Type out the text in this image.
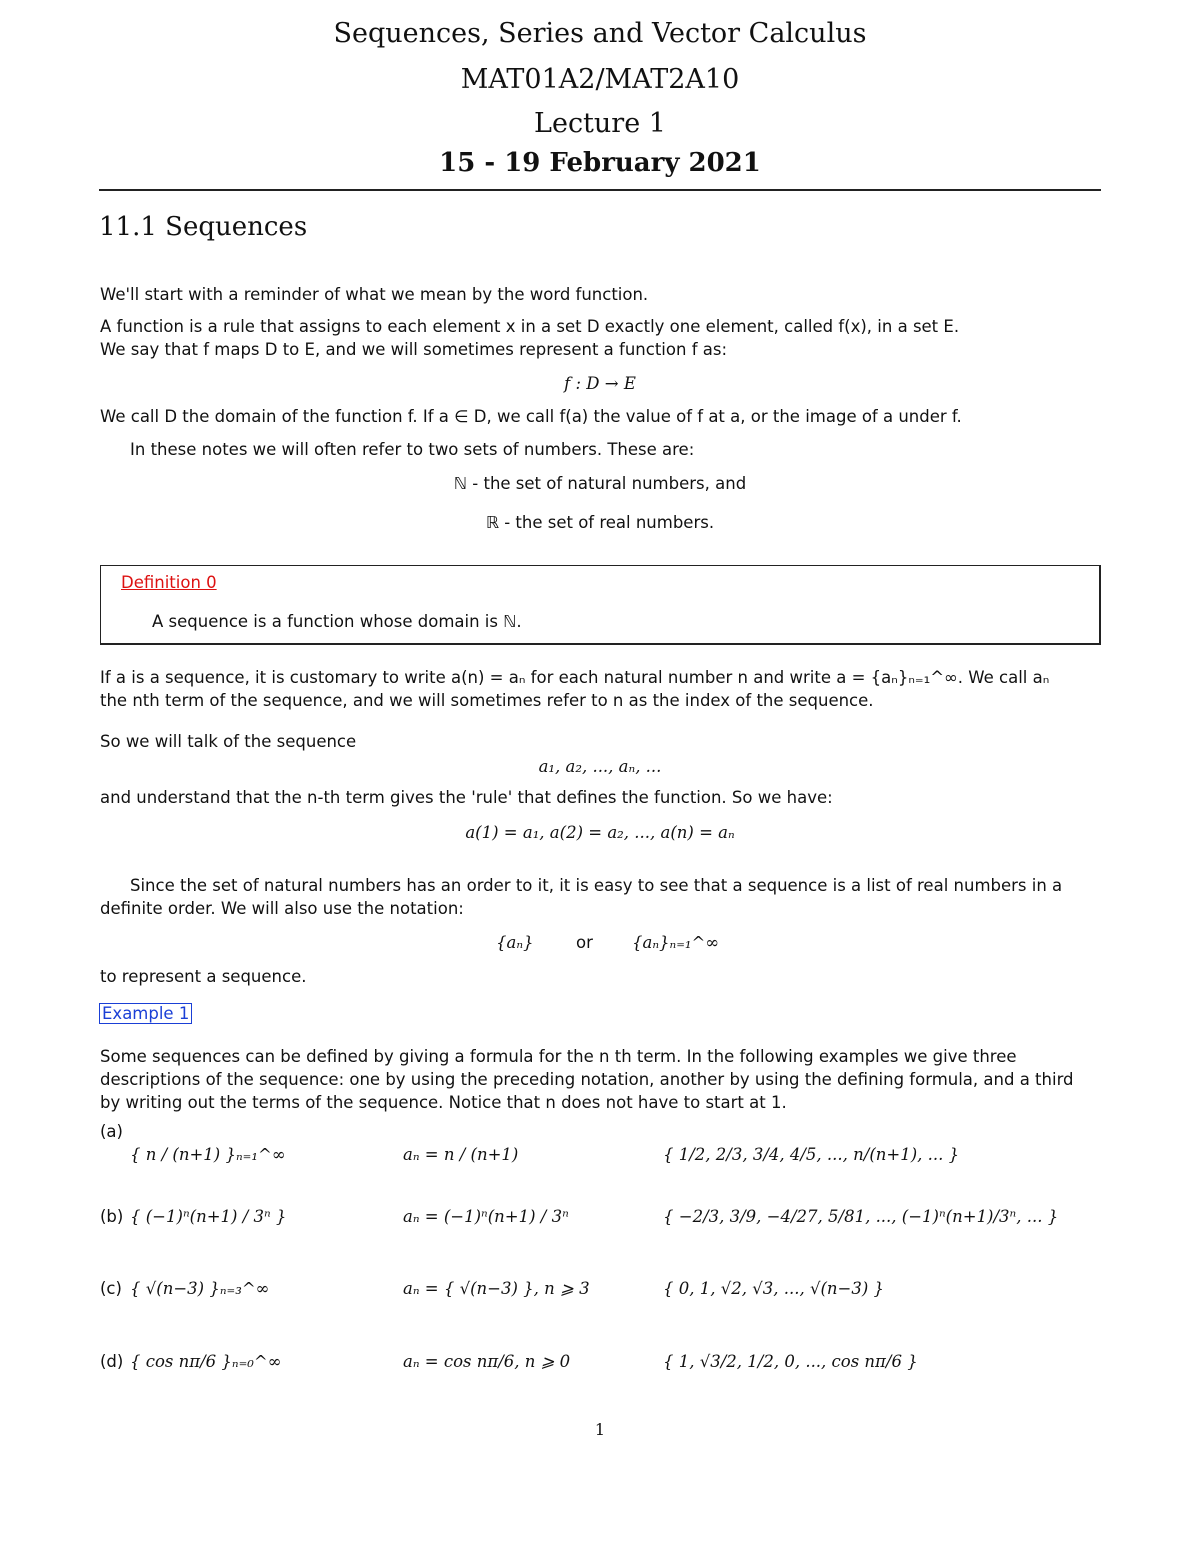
Sequences, Series and Vector Calculus
MAT01A2/MAT2A10
Lecture 1
15 - 19 February 2021
11.1 Sequences
We'll start with a reminder of what we mean by the word function.
A function is a rule that assigns to each element x in a set D exactly one element, called f(x), in a set E.
We say that f maps D to E, and we will sometimes represent a function f as:
f : D → E
We call D the domain of the function f. If a ∈ D, we call f(a) the value of f at a, or the image of a under f.
In these notes we will often refer to two sets of numbers. These are:
ℕ - the set of natural numbers, and
ℝ - the set of real numbers.
Definition 0
A sequence is a function whose domain is ℕ.
If a is a sequence, it is customary to write a(n) = aₙ for each natural number n and write a = {aₙ}ₙ₌₁^∞. We call aₙ
the nth term of the sequence, and we will sometimes refer to n as the index of the sequence.
So we will talk of the sequence
a₁, a₂, ..., aₙ, ...
and understand that the n-th term gives the 'rule' that defines the function. So we have:
a(1) = a₁, a(2) = a₂, ..., a(n) = aₙ
Since the set of natural numbers has an order to it, it is easy to see that a sequence is a list of real numbers in a
definite order. We will also use the notation:
{aₙ}	or	{aₙ}ₙ₌₁^∞
to represent a sequence.
Example 1
Some sequences can be defined by giving a formula for the n th term. In the following examples we give three
descriptions of the sequence: one by using the preceding notation, another by using the defining formula, and a third
by writing out the terms of the sequence. Notice that n does not have to start at 1.
(a)
{ n / (n+1) }ₙ₌₁^∞	aₙ = n / (n+1)	{ 1/2, 2/3, 3/4, 4/5, ..., n/(n+1), ... }
(b) { (−1)ⁿ(n+1) / 3ⁿ }	aₙ = (−1)ⁿ(n+1) / 3ⁿ	{ −2/3, 3/9, −4/27, 5/81, ..., (−1)ⁿ(n+1)/3ⁿ, ... }
(c) { √(n−3) }ₙ₌₃^∞	aₙ = { √(n−3) }, n ⩾ 3	{ 0, 1, √2, √3, ..., √(n−3) }
(d) { cos nπ/6 }ₙ₌₀^∞	aₙ = cos nπ/6, n ⩾ 0	{ 1, √3/2, 1/2, 0, ..., cos nπ/6 }
1
